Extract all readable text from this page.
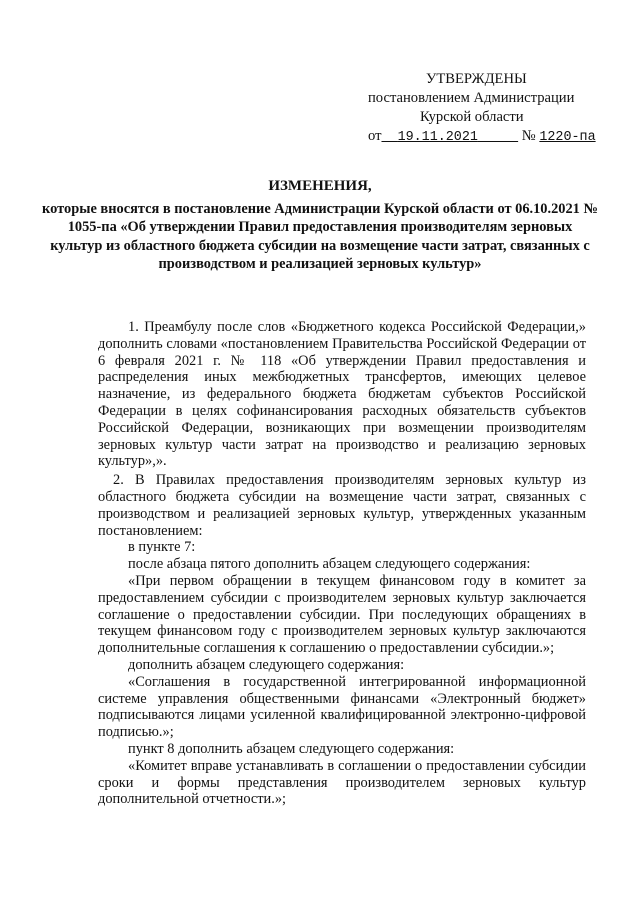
УТВЕРЖДЕНЫ
постановлением Администрации
Курской области
от 19.11.2021	№ 1220-па
ИЗМЕНЕНИЯ,
которые вносятся в постановление Администрации Курской области от 06.10.2021 № 1055-па «Об утверждении Правил предоставления производителям зерновых культур из областного бюджета субсидии на возмещение части затрат, связанных с производством и реализацией зерновых культур»

1. Преамбулу после слов «Бюджетного кодекса Российской Федерации,» дополнить словами «постановлением Правительства Российской Федерации от 6 февраля 2021 г. № 118 «Об утверждении Правил предоставления и распределения иных межбюджетных трансфертов, имеющих целевое назначение, из федерального бюджета бюджетам субъектов Российской Федерации в целях софинансирования расходных обязательств субъектов Российской Федерации, возникающих при возмещении производителям зерновых культур части затрат на производство и реализацию зерновых культур»,».

2. В Правилах предоставления производителям зерновых культур из областного бюджета субсидии на возмещение части затрат, связанных с производством и реализацией зерновых культур, утвержденных указанным постановлением:

в пункте 7:

после абзаца пятого дополнить абзацем следующего содержания:

«При первом обращении в текущем финансовом году в комитет за предоставлением субсидии с производителем зерновых культур заключается соглашение о предоставлении субсидии. При последующих обращениях в текущем финансовом году с производителем зерновых культур заключаются дополнительные соглашения к соглашению о предоставлении субсидии.»;

дополнить абзацем следующего содержания:

«Соглашения в государственной интегрированной информационной системе управления общественными финансами «Электронный бюджет» подписываются лицами усиленной квалифицированной электронно-цифровой подписью.»;

пункт 8 дополнить абзацем следующего содержания:

«Комитет вправе устанавливать в соглашении о предоставлении субсидии сроки и формы представления производителем зерновых культур дополнительной отчетности.»;
